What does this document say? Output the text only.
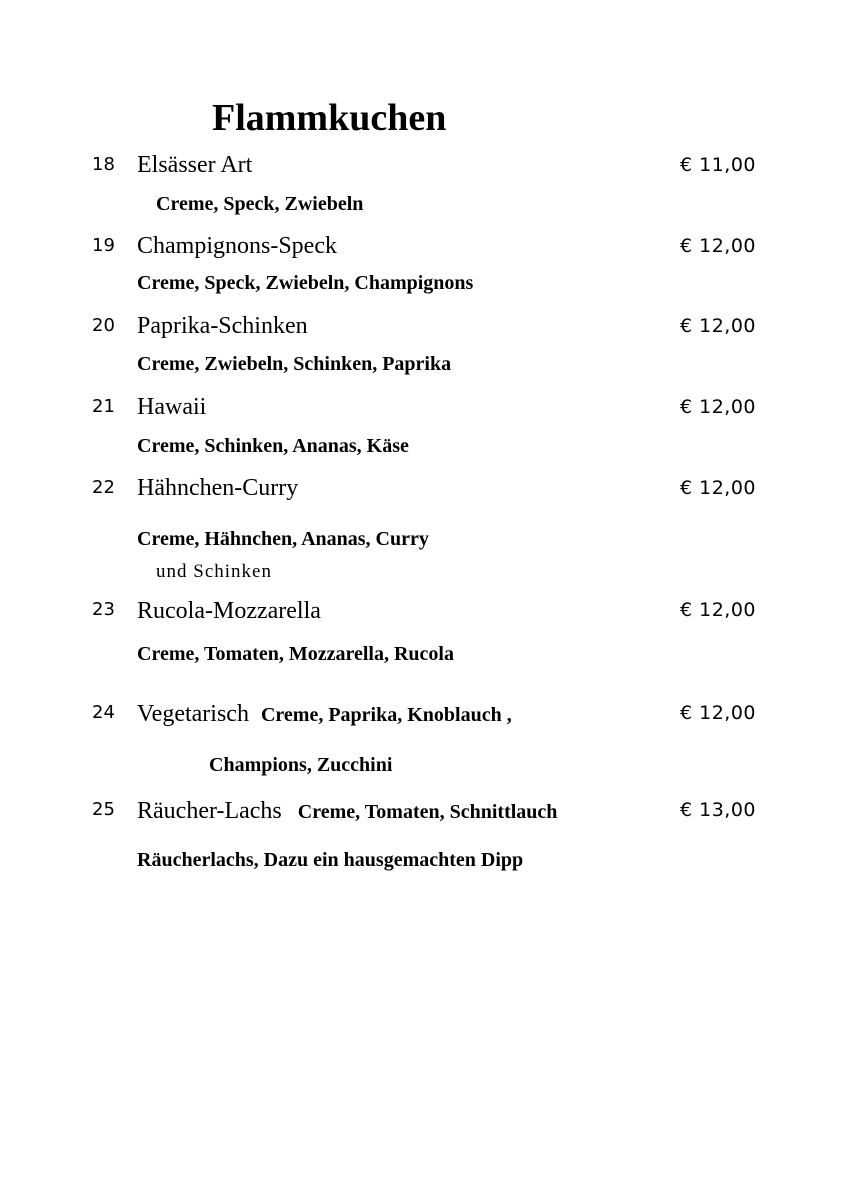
Flammkuchen
18 Elsässer Art	€ 11,00
Creme, Speck, Zwiebeln
19 Champignons-Speck	€ 12,00
Creme, Speck, Zwiebeln, Champignons
20 Paprika-Schinken	€ 12,00
Creme, Zwiebeln, Schinken, Paprika
21 Hawaii	€ 12,00
Creme, Schinken, Ananas, Käse
22 Hähnchen-Curry	€ 12,00
Creme, Hähnchen, Ananas, Curry
und Schinken
23 Rucola-Mozzarella	€ 12,00
Creme, Tomaten, Mozzarella, Rucola
24 Vegetarisch Creme, Paprika, Knoblauch ,	€ 12,00
Champions, Zucchini
25 Räucher-Lachs Creme, Tomaten, Schnittlauch	€ 13,00
Räucherlachs, Dazu ein hausgemachten Dipp
